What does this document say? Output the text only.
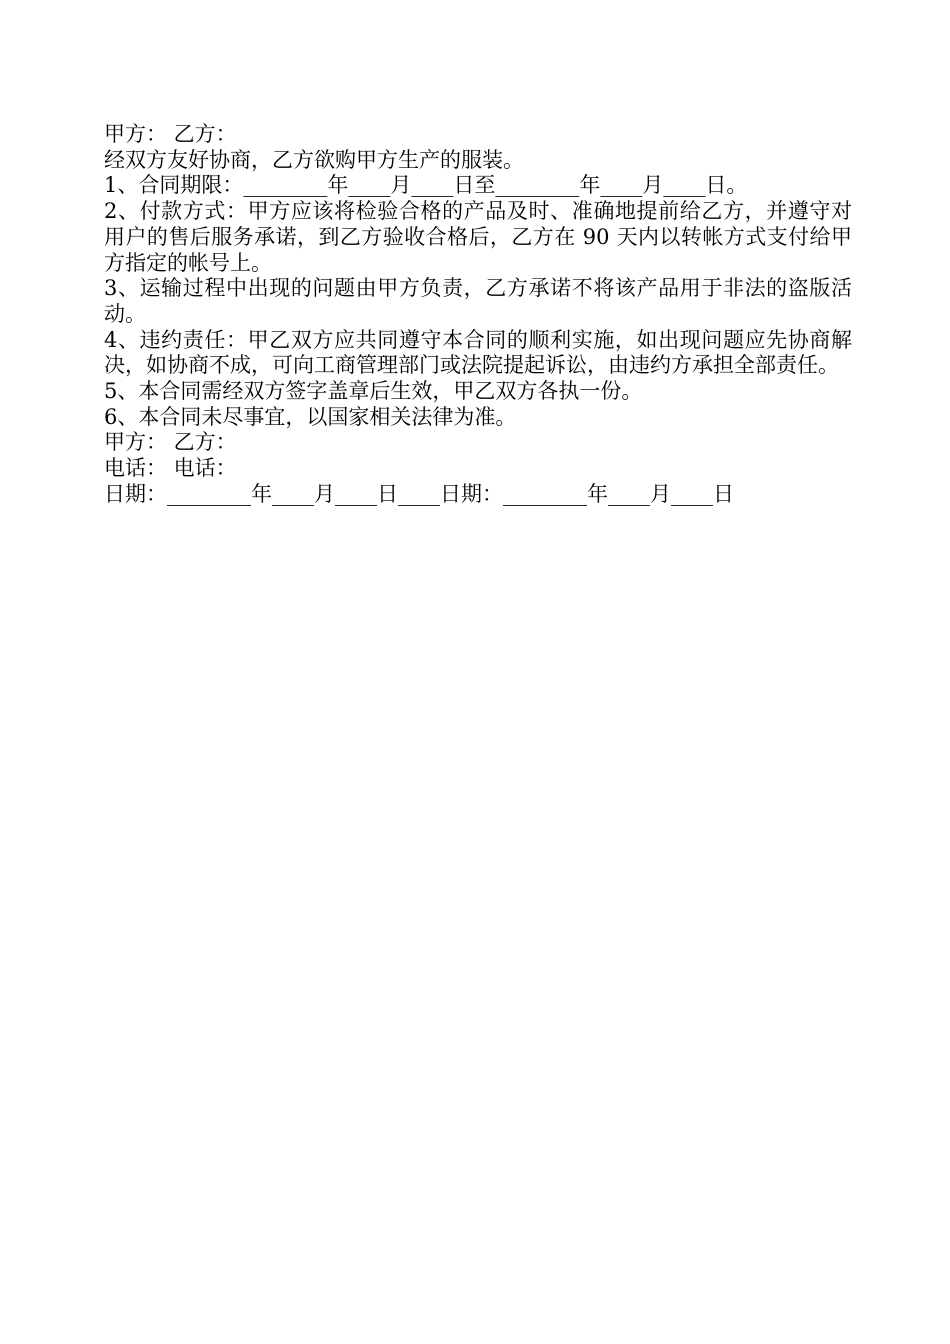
甲方： 乙方：
经双方友好协商，乙方欲购甲方生产的服装。
1、合同期限：________年____月____日至________年____月____日。
2、付款方式：甲方应该将检验合格的产品及时、准确地提前给乙方，并遵守对用户的售后服务承诺，到乙方验收合格后，乙方在 90 天内以转帐方式支付给甲方指定的帐号上。
3、运输过程中出现的问题由甲方负责，乙方承诺不将该产品用于非法的盗版活动。
4、违约责任：甲乙双方应共同遵守本合同的顺利实施，如出现问题应先协商解决，如协商不成，可向工商管理部门或法院提起诉讼，由违约方承担全部责任。
5、本合同需经双方签字盖章后生效，甲乙双方各执一份。
6、本合同未尽事宜，以国家相关法律为准。
甲方： 乙方：
电话： 电话：
日期：________年____月____日____日期：________年____月____日
